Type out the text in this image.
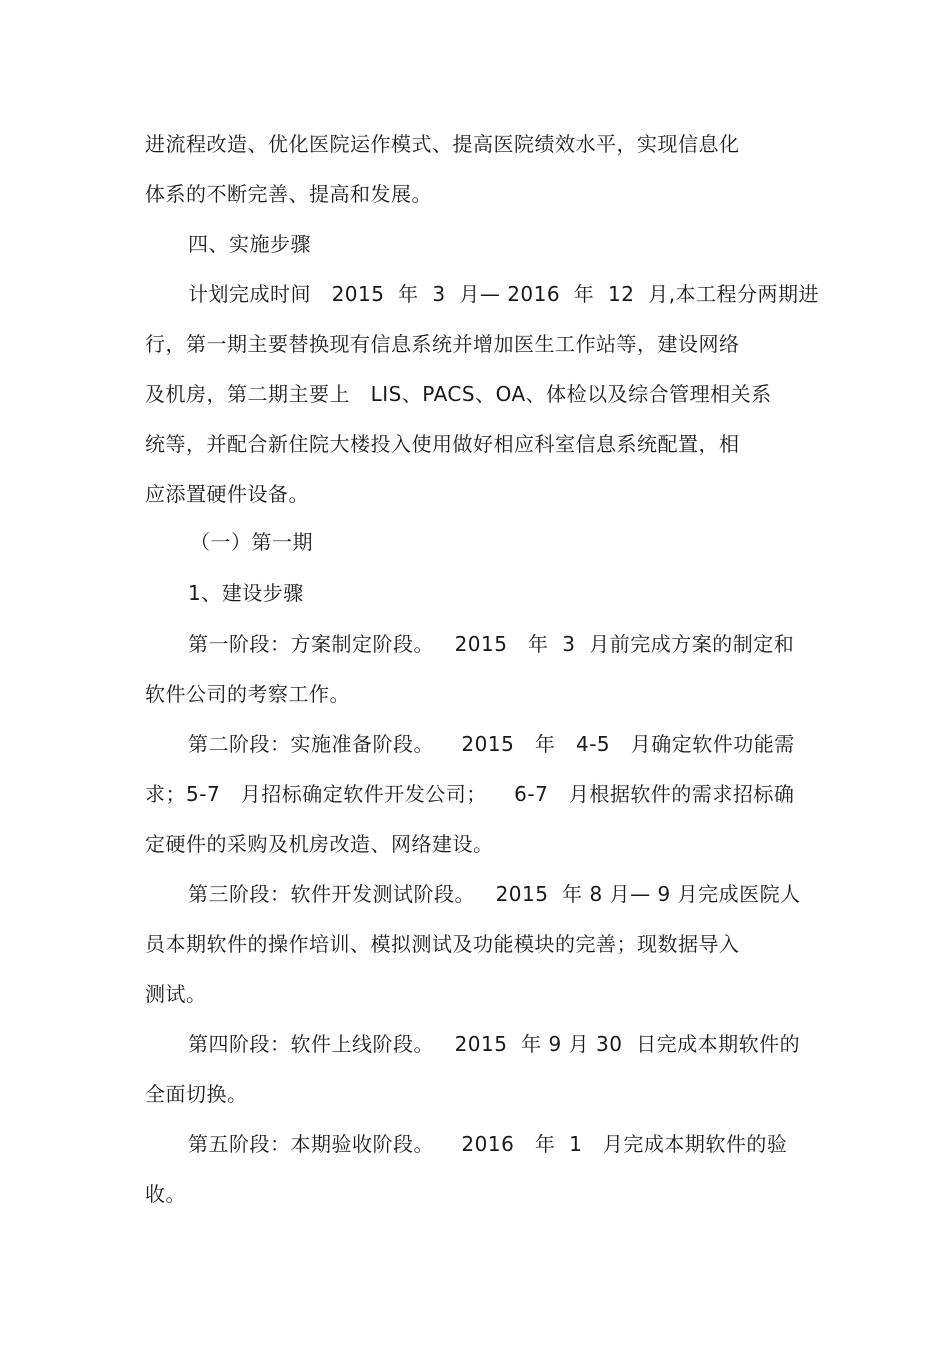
进流程改造、优化医院运作模式、提高医院绩效水平，实现信息化
体系的不断完善、提高和发展。
四、实施步骤
计划完成时间   2015  年  3  月— 2016  年  12  月,本工程分两期进
行，第一期主要替换现有信息系统并增加医生工作站等，建设网络
及机房，第二期主要上   LIS、PACS、OA、体检以及综合管理相关系
统等，并配合新住院大楼投入使用做好相应科室信息系统配置，相
应添置硬件设备。
（一）第一期
1、建设步骤
第一阶段：方案制定阶段。   2015   年  3  月前完成方案的制定和
软件公司的考察工作。
第二阶段：实施准备阶段。    2015   年   4-5   月确定软件功能需
求；5-7   月招标确定软件开发公司；    6-7   月根据软件的需求招标确
定硬件的采购及机房改造、网络建设。
第三阶段：软件开发测试阶段。   2015  年 8 月— 9 月完成医院人
员本期软件的操作培训、模拟测试及功能模块的完善；现数据导入
测试。
第四阶段：软件上线阶段。   2015  年 9 月 30  日完成本期软件的
全面切换。
第五阶段：本期验收阶段。    2016   年  1   月完成本期软件的验
收。
